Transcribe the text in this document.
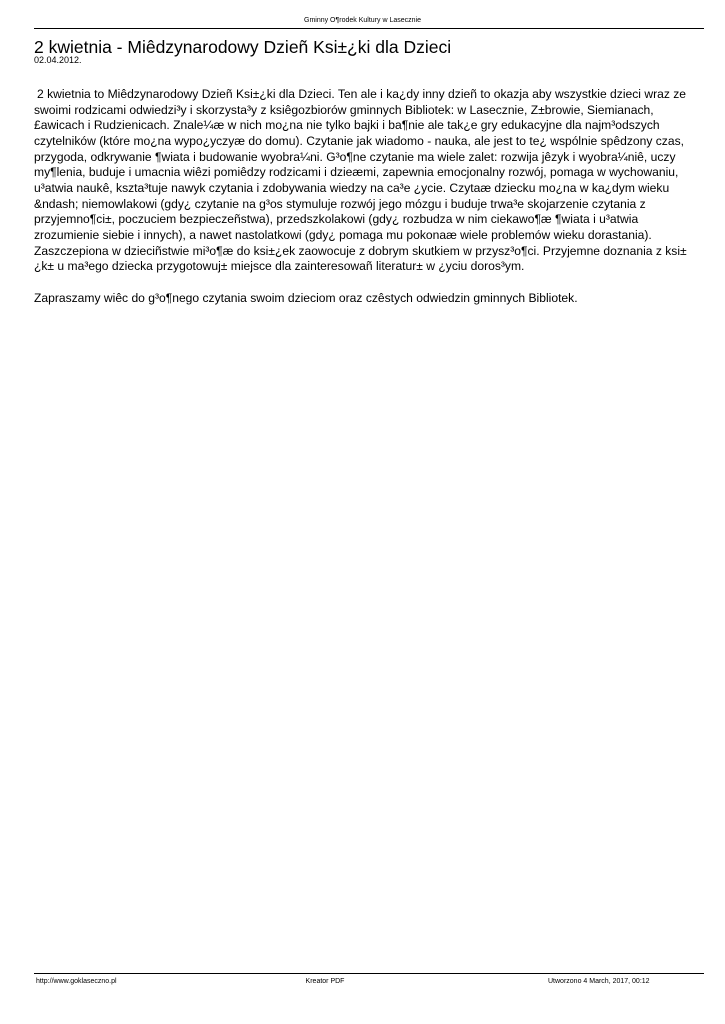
Gminny O¶rodek Kultury w Lasecznie
2 kwietnia - Miêdzynarodowy Dzieñ Ksi±¿ki dla Dzieci
02.04.2012.

2 kwietnia to Miêdzynarodowy Dzieñ Ksi±¿ki dla Dzieci. Ten ale i ka¿dy inny dzieñ to okazja aby wszystkie dzieci wraz ze swoimi rodzicami odwiedzi³y i skorzysta³y z ksiêgozbiorów gminnych Bibliotek: w Lasecznie, Z±browie, Siemianach, £awicach i Rudzienicach. Znale¼æ w nich mo¿na nie tylko bajki i ba¶nie ale tak¿e gry edukacyjne dla najm³odszych czytelników (które mo¿na wypo¿yczyæ do domu). Czytanie jak wiadomo - nauka, ale jest to te¿ wspólnie spêdzony czas, przygoda, odkrywanie ¶wiata i budowanie wyobra¼ni. G³o¶ne czytanie ma wiele zalet: rozwija jêzyk i wyobra¼niê, uczy my¶lenia, buduje i umacnia wiêzi pomiêdzy rodzicami i dzieæmi, zapewnia emocjonalny rozwój, pomaga w wychowaniu, u³atwia naukê, kszta³tuje nawyk czytania i zdobywania wiedzy na ca³e ¿ycie. Czytaæ dziecku mo¿na w ka¿dym wieku &ndash; niemowlakowi (gdy¿ czytanie na g³os stymuluje rozwój jego mózgu i buduje trwa³e skojarzenie czytania z przyjemno¶ci±, poczuciem bezpieczeñstwa), przedszkolakowi (gdy¿ rozbudza w nim ciekawo¶æ ¶wiata i u³atwia zrozumienie siebie i innych), a nawet nastolatkowi (gdy¿ pomaga mu pokonaæ wiele problemów wieku dorastania). Zaszczepiona w dzieciñstwie mi³o¶æ do ksi±¿ek zaowocuje z dobrym skutkiem w przysz³o¶ci. Przyjemne doznania z ksi±¿k± u ma³ego dziecka przygotowuj± miejsce dla zainteresowañ literatur± w ¿yciu doros³ym.

Zapraszamy wiêc do g³o¶nego czytania swoim dzieciom oraz czêstych odwiedzin gminnych Bibliotek.

http://www.goklaseczno.pl	Kreator PDF	Utworzono 4 March, 2017, 00:12
